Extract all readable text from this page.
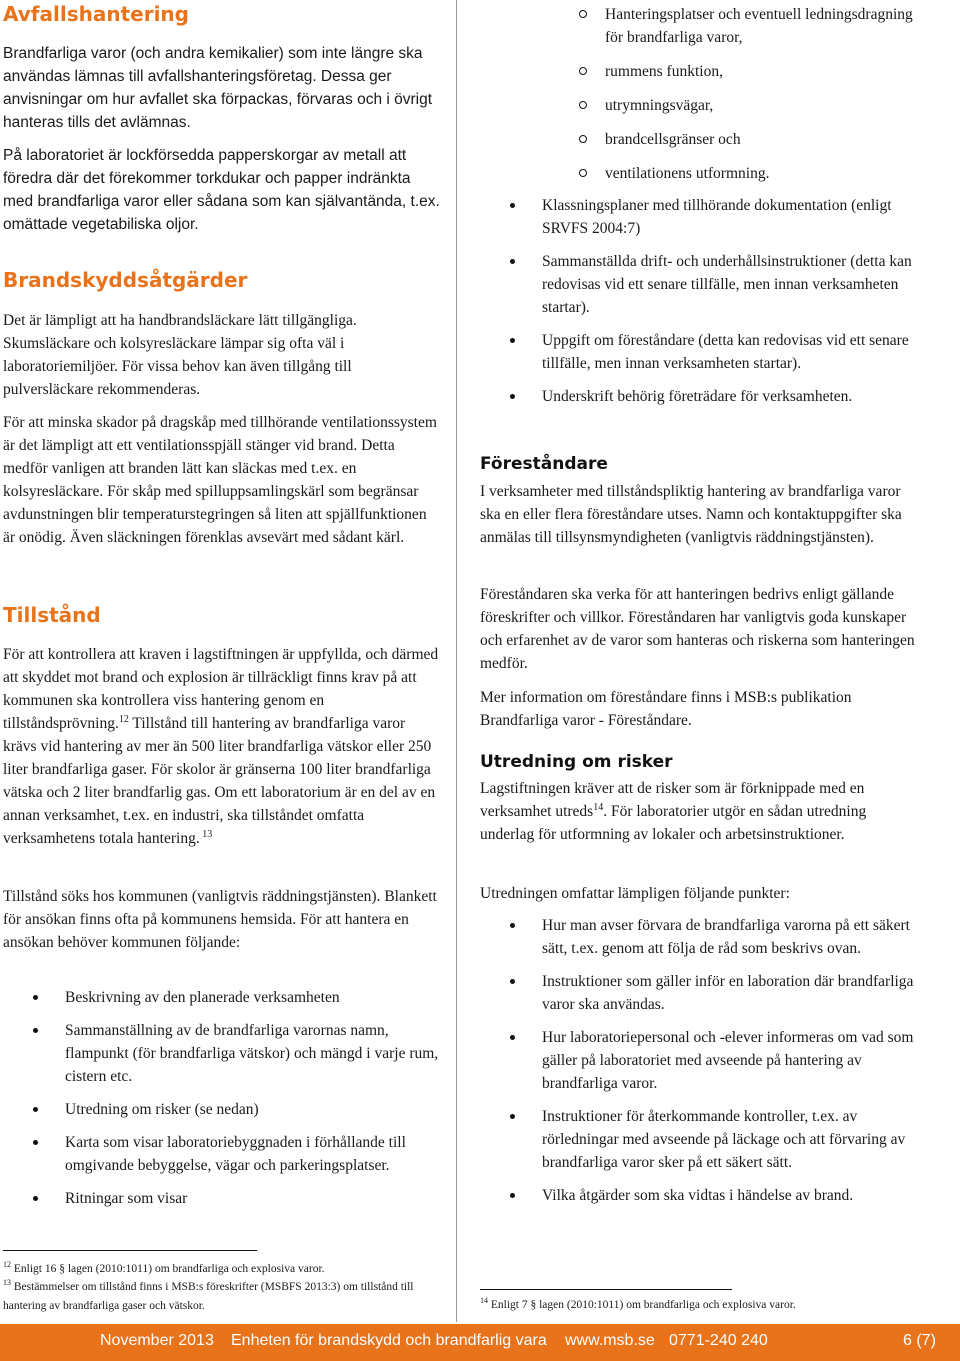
Avfallshantering

Brandfarliga varor (och andra kemikalier) som inte längre ska användas lämnas till avfallshanteringsföretag. Dessa ger anvisningar om hur avfallet ska förpackas, förvaras och i övrigt hanteras tills det avlämnas.

På laboratoriet är lockförsedda papperskorgar av metall att föredra där det förekommer torkdukar och papper indränkta med brandfarliga varor eller sådana som kan självantända, t.ex. omättade vegetabiliska oljor.

Brandskyddsåtgärder

Det är lämpligt att ha handbrandsläckare lätt tillgängliga. Skumsläckare och kolsyresläckare lämpar sig ofta väl i laboratoriemiljöer. För vissa behov kan även tillgång till pulversläckare rekommenderas.

För att minska skador på dragskåp med tillhörande ventilationssystem är det lämpligt att ett ventilationsspjäll stänger vid brand. Detta medför vanligen att branden lätt kan släckas med t.ex. en kolsyresläckare. För skåp med spilluppsamlingskärl som begränsar avdunstningen blir temperaturstegringen så liten att spjällfunktionen är onödig. Även släckningen förenklas avsevärt med sådant kärl.

Tillstånd

För att kontrollera att kraven i lagstiftningen är uppfyllda, och därmed att skyddet mot brand och explosion är tillräckligt finns krav på att kommunen ska kontrollera viss hantering genom en tillståndsprövning.$^{12}$ Tillstånd till hantering av brandfarliga varor krävs vid hantering av mer än 500 liter brandfarliga vätskor eller 250 liter brandfarliga gaser. För skolor är gränserna 100 liter brandfarliga vätska och 2 liter brandfarlig gas. Om ett laboratorium är en del av en annan verksamhet, t.ex. en industri, ska tillståndet omfatta verksamhetens totala hantering. $^{13}$

Tillstånd söks hos kommunen (vanligtvis räddningstjänsten). Blankett för ansökan finns ofta på kommunens hemsida. För att hantera en ansökan behöver kommunen följande:

Beskrivning av den planerade verksamheten
Sammanställning av de brandfarliga varornas namn, flampunkt (för brandfarliga vätskor) och mängd i varje rum, cistern etc.
Utredning om risker (se nedan)
Karta som visar laboratoriebyggnaden i förhållande till omgivande bebyggelse, vägar och parkeringsplatser.
Ritningar som visar
$^{12}$ Enligt 16 § lagen (2010:1011) om brandfarliga och explosiva varor.
$^{13}$ Bestämmelser om tillstånd finns i MSB:s föreskrifter (MSBFS 2013:3) om tillstånd till hantering av brandfarliga gaser och vätskor.
Hanteringsplatser och eventuell ledningsdragning för brandfarliga varor,
rummens funktion,
utrymningsvägar,
brandcellsgränser och
ventilationens utformning.
Klassningsplaner med tillhörande dokumentation (enligt SRVFS 2004:7)
Sammanställda drift- och underhållsinstruktioner (detta kan redovisas vid ett senare tillfälle, men innan verksamheten startar).
Uppgift om föreståndare (detta kan redovisas vid ett senare tillfälle, men innan verksamheten startar).
Underskrift behörig företrädare för verksamheten.
Föreståndare

I verksamheter med tillståndspliktig hantering av brandfarliga varor ska en eller flera föreståndare utses. Namn och kontaktuppgifter ska anmälas till tillsynsmyndigheten (vanligtvis räddningstjänsten).

Föreståndaren ska verka för att hanteringen bedrivs enligt gällande föreskrifter och villkor. Föreståndaren har vanligtvis goda kunskaper och erfarenhet av de varor som hanteras och riskerna som hanteringen medför.

Mer information om föreståndare finns i MSB:s publikation Brandfarliga varor - Föreståndare.

Utredning om risker

Lagstiftningen kräver att de risker som är förknippade med en verksamhet utreds$^{14}$. För laboratorier utgör en sådan utredning underlag för utformning av lokaler och arbetsinstruktioner.

Utredningen omfattar lämpligen följande punkter:

Hur man avser förvara de brandfarliga varorna på ett säkert sätt, t.ex. genom att följa de råd som beskrivs ovan.
Instruktioner som gäller inför en laboration där brandfarliga varor ska användas.
Hur laboratoriepersonal och -elever informeras om vad som gäller på laboratoriet med avseende på hantering av brandfarliga varor.
Instruktioner för återkommande kontroller, t.ex. av rörledningar med avseende på läckage och att förvaring av brandfarliga varor sker på ett säkert sätt.
Vilka åtgärder som ska vidtas i händelse av brand.
$^{14}$ Enligt 7 § lagen (2010:1011) om brandfarliga och explosiva varor.
November 2013 Enheten för brandskydd och brandfarlig vara www.msb.se 0771-240 240	6 (7)
